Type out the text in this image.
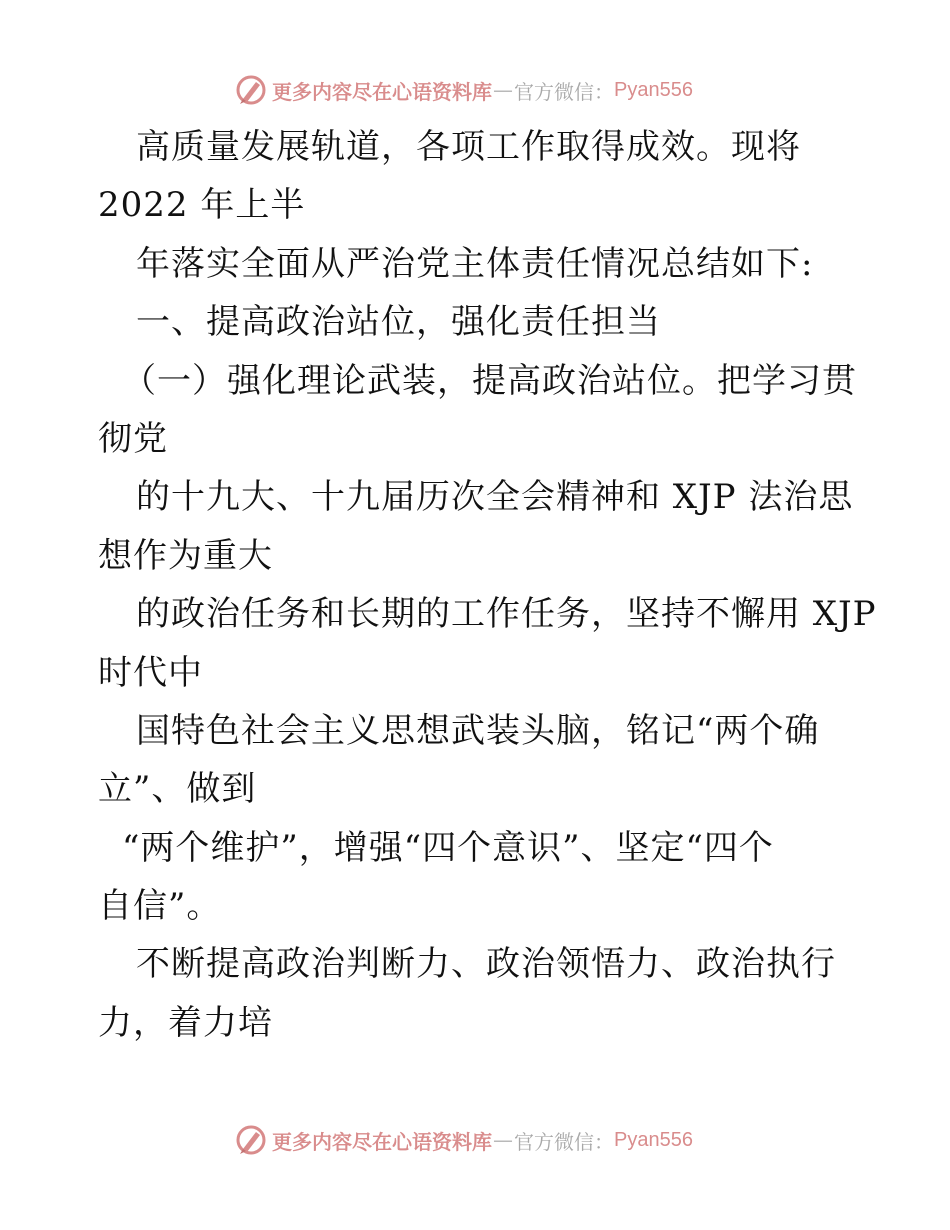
更多内容尽在心语资料库 — 官方微信： Pyan556
高质量发展轨道，各项工作取得成效。现将
2022 年上半
年落实全面从严治党主体责任情况总结如下:
一、提高政治站位，强化责任担当
（一）强化理论武装，提高政治站位。把学习贯
彻党
的十九大、十九届历次全会精神和 XJP 法治思
想作为重大
的政治任务和长期的工作任务，坚持不懈用 XJP
时代中
国特色社会主义思想武装头脑，铭记“两个确
立”、做到
“两个维护”，增强“四个意识”、坚定“四个
自信”。
不断提高政治判断力、政治领悟力、政治执行
力，着力培
更多内容尽在心语资料库 — 官方微信： Pyan556
